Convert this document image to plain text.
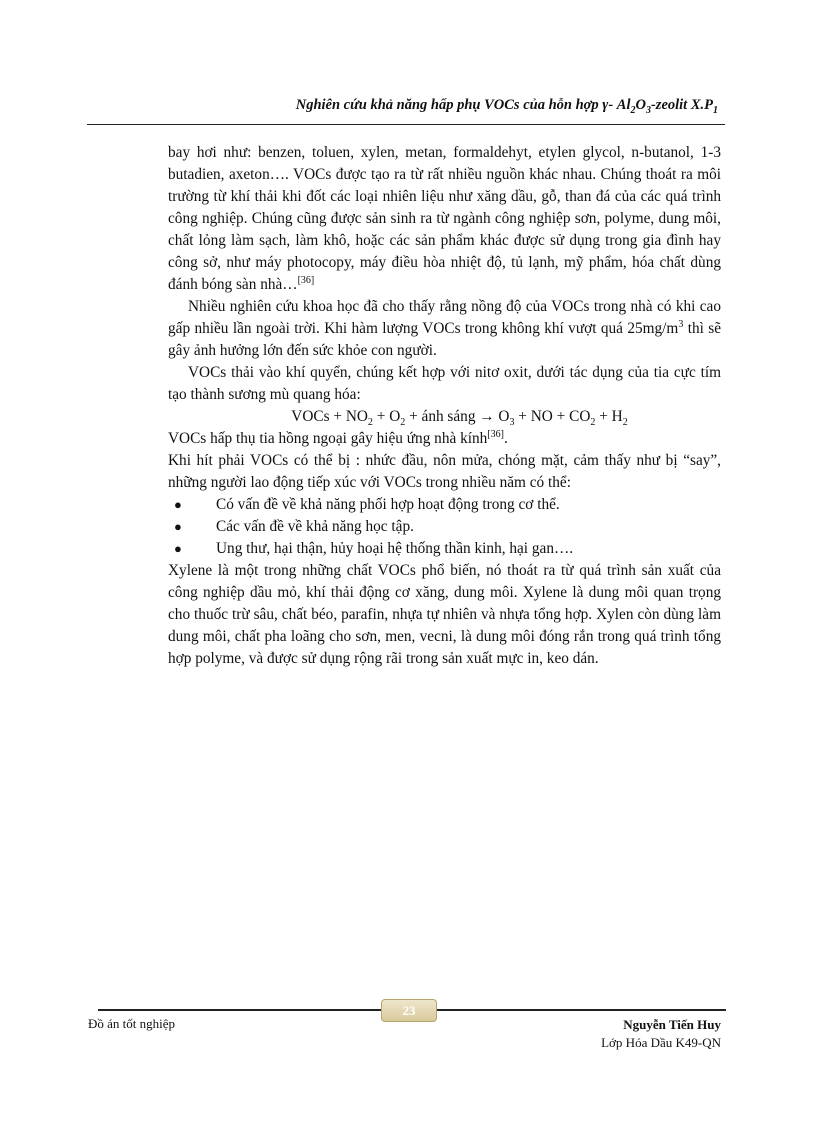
Nghiên cứu khả năng hấp phụ VOCs của hỗn hợp γ- $Al_2O_3$-zeolit $X.P_1$

bay hơi như: benzen, toluen, xylen, metan, formaldehyt, etylen glycol, n-butanol, 1-3 butadien, axeton…. VOCs được tạo ra từ rất nhiều nguồn khác nhau. Chúng thoát ra môi trường từ khí thải khi đốt các loại nhiên liệu như xăng dầu, gỗ, than đá của các quá trình công nghiệp. Chúng cũng được sản sinh ra từ ngành công nghiệp sơn, polyme, dung môi, chất lỏng làm sạch, làm khô, hoặc các sản phẩm khác được sử dụng trong gia đình hay công sở, như máy photocopy, máy điều hòa nhiệt độ, tủ lạnh, mỹ phẩm, hóa chất dùng đánh bóng sàn nhà…[36]

Nhiều nghiên cứu khoa học đã cho thấy rằng nồng độ của VOCs trong nhà có khi cao gấp nhiều lần ngoài trời. Khi hàm lượng VOCs trong không khí vượt quá $25mg/m^3$ thì sẽ gây ảnh hưởng lớn đến sức khỏe con người.

VOCs thải vào khí quyển, chúng kết hợp với nitơ oxit, dưới tác dụng của tia cực tím tạo thành sương mù quang hóa:

VOCs + $NO_2 + O_2$ + ánh sáng → $O_3$ + NO + $CO_2 + H_2$

VOCs hấp thụ tia hồng ngoại gây hiệu ứng nhà kính[36].

Khi hít phải VOCs có thể bị : nhức đầu, nôn mửa, chóng mặt, cảm thấy như bị “say”, những người lao động tiếp xúc với VOCs trong nhiều năm có thể:

● Có vấn đề về khả năng phối hợp hoạt động trong cơ thể.
● Các vấn đề về khả năng học tập.
● Ung thư, hại thận, hủy hoại hệ thống thần kinh, hại gan….

Xylene là một trong những chất VOCs phổ biến, nó thoát ra từ quá trình sản xuất của công nghiệp dầu mỏ, khí thải động cơ xăng, dung môi. Xylene là dung môi quan trọng cho thuốc trừ sâu, chất béo, parafin, nhựa tự nhiên và nhựa tổng hợp. Xylen còn dùng làm dung môi, chất pha loãng cho sơn, men, vecni, là dung môi đóng rắn trong quá trình tổng hợp polyme, và được sử dụng rộng rãi trong sản xuất mực in, keo dán.

23
Đồ án tốt nghiệp	Nguyễn Tiến Huy
Lớp Hóa Dầu K49-QN
